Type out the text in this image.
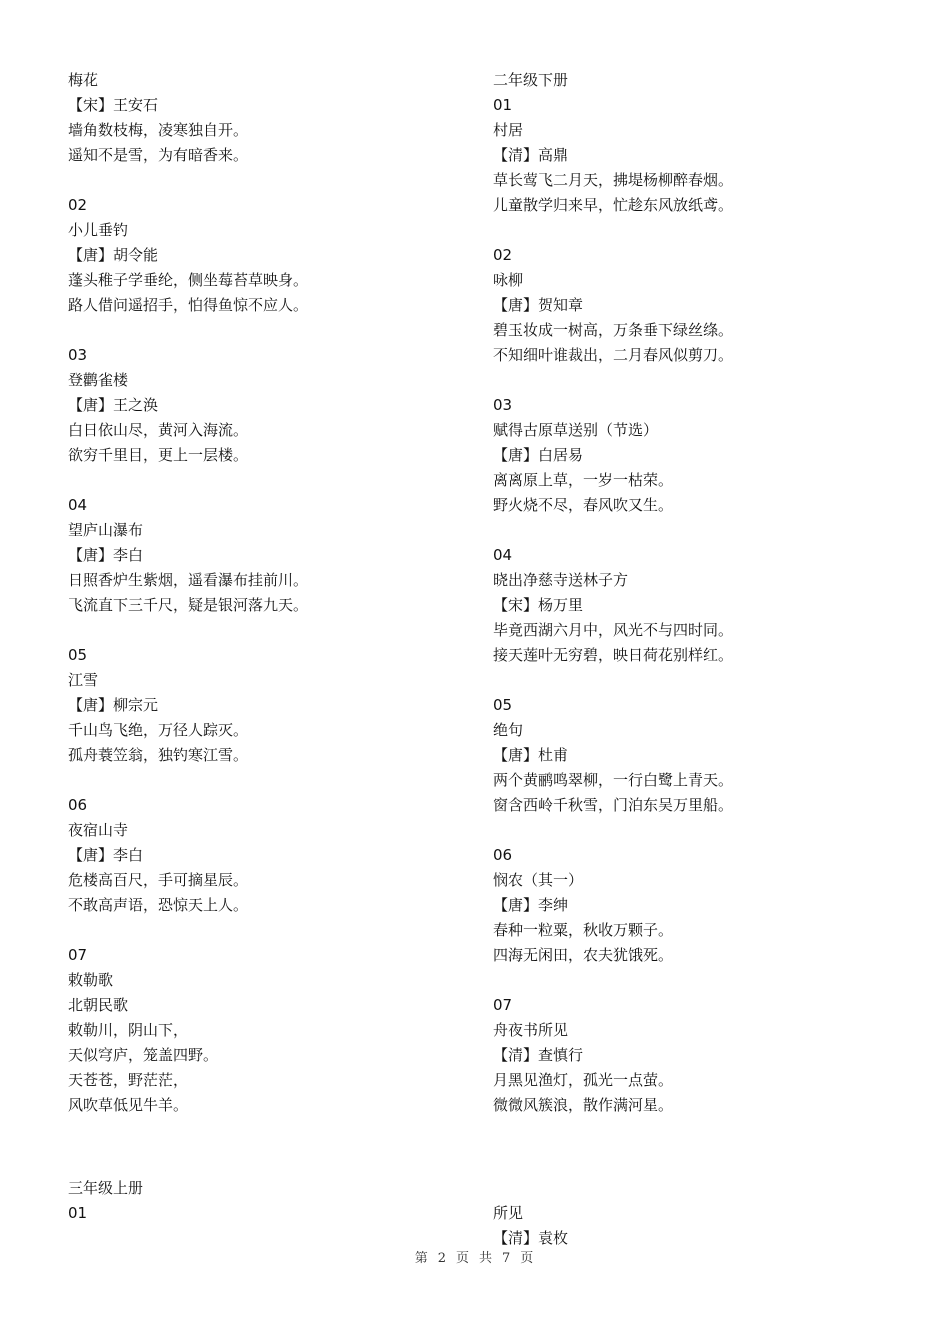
梅花
【宋】王安石
墙角数枝梅，凌寒独自开。
遥知不是雪，为有暗香来。
02
小儿垂钓
【唐】胡令能
蓬头稚子学垂纶，侧坐莓苔草映身。
路人借问遥招手，怕得鱼惊不应人。
03
登鹳雀楼
【唐】王之涣
白日依山尽，黄河入海流。
欲穷千里目，更上一层楼。
04
望庐山瀑布
【唐】李白
日照香炉生紫烟，遥看瀑布挂前川。
飞流直下三千尺，疑是银河落九天。
05
江雪
【唐】柳宗元
千山鸟飞绝，万径人踪灭。
孤舟蓑笠翁，独钓寒江雪。
06
夜宿山寺
【唐】李白
危楼高百尺，手可摘星辰。
不敢高声语，恐惊天上人。
07
敕勒歌
北朝民歌
敕勒川，阴山下，
天似穹庐，笼盖四野。
天苍苍，野茫茫，
风吹草低见牛羊。
三年级上册
01
二年级下册
01
村居
【清】高鼎
草长莺飞二月天，拂堤杨柳醉春烟。
儿童散学归来早，忙趁东风放纸鸢。
02
咏柳
【唐】贺知章
碧玉妆成一树高，万条垂下绿丝绦。
不知细叶谁裁出，二月春风似剪刀。
03
赋得古原草送别（节选）
【唐】白居易
离离原上草，一岁一枯荣。
野火烧不尽，春风吹又生。
04
晓出净慈寺送林子方
【宋】杨万里
毕竟西湖六月中，风光不与四时同。
接天莲叶无穷碧，映日荷花别样红。
05
绝句
【唐】杜甫
两个黄鹂鸣翠柳，一行白鹭上青天。
窗含西岭千秋雪，门泊东吴万里船。
06
悯农（其一）
【唐】李绅
春种一粒粟，秋收万颗子。
四海无闲田，农夫犹饿死。
07
舟夜书所见
【清】查慎行
月黑见渔灯，孤光一点萤。
微微风簇浪，散作满河星。
所见
【清】袁枚
第 2 页 共 7 页
